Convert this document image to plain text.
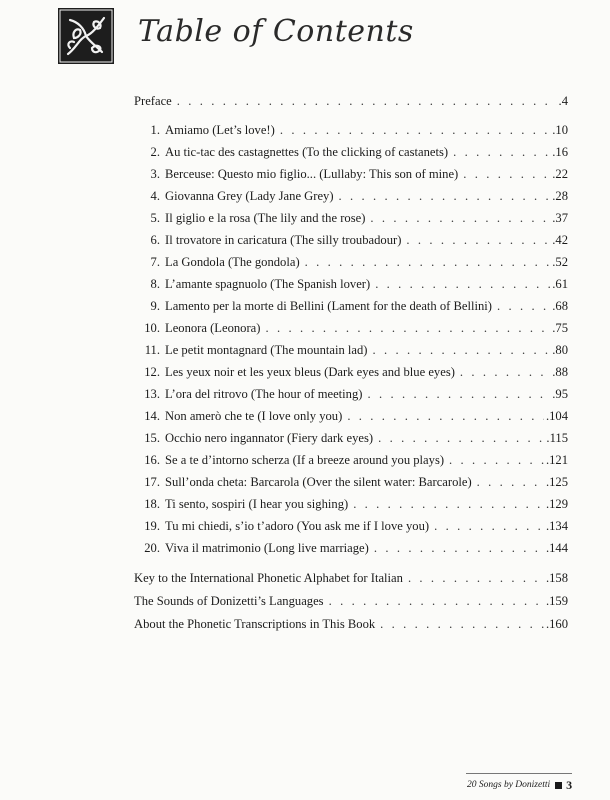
Table of Contents
Preface . . .	.4
1. Amiamo (Let’s love!) . . .	.10
2. Au tic-tac des castagnettes (To the clicking of castanets) . . .	.16
3. Berceuse: Questo mio figlio... (Lullaby: This son of mine) . . .	.22
4. Giovanna Grey (Lady Jane Grey) . . .	.28
5. Il giglio e la rosa (The lily and the rose) . . .	.37
6. Il trovatore in caricatura (The silly troubadour) . . .	.42
7. La Gondola (The gondola) . . .	.52
8. L’amante spagnuolo (The Spanish lover) . . .	.61
9. Lamento per la morte di Bellini (Lament for the death of Bellini) . . .	.68
10. Leonora (Leonora) . . .	.75
11. Le petit montagnard (The mountain lad) . . .	.80
12. Les yeux noir et les yeux bleus (Dark eyes and blue eyes) . . .	.88
13. L’ora del ritrovo (The hour of meeting) . . .	.95
14. Non amerò che te (I love only you) . . .	.104
15. Occhio nero ingannator (Fiery dark eyes) . . .	.115
16. Se a te d’intorno scherza (If a breeze around you plays) . . .	.121
17. Sull’onda cheta: Barcarola (Over the silent water: Barcarole) . . .	.125
18. Ti sento, sospiri (I hear you sighing) . . .	.129
19. Tu mi chiedi, s’io t’adoro (You ask me if I love you) . . .	.134
20. Viva il matrimonio (Long live marriage) . . .	.144
Key to the International Phonetic Alphabet for Italian . . .	.158
The Sounds of Donizetti’s Languages . . .	.159
About the Phonetic Transcriptions in This Book . . .	.160
20 Songs by Donizetti 3
